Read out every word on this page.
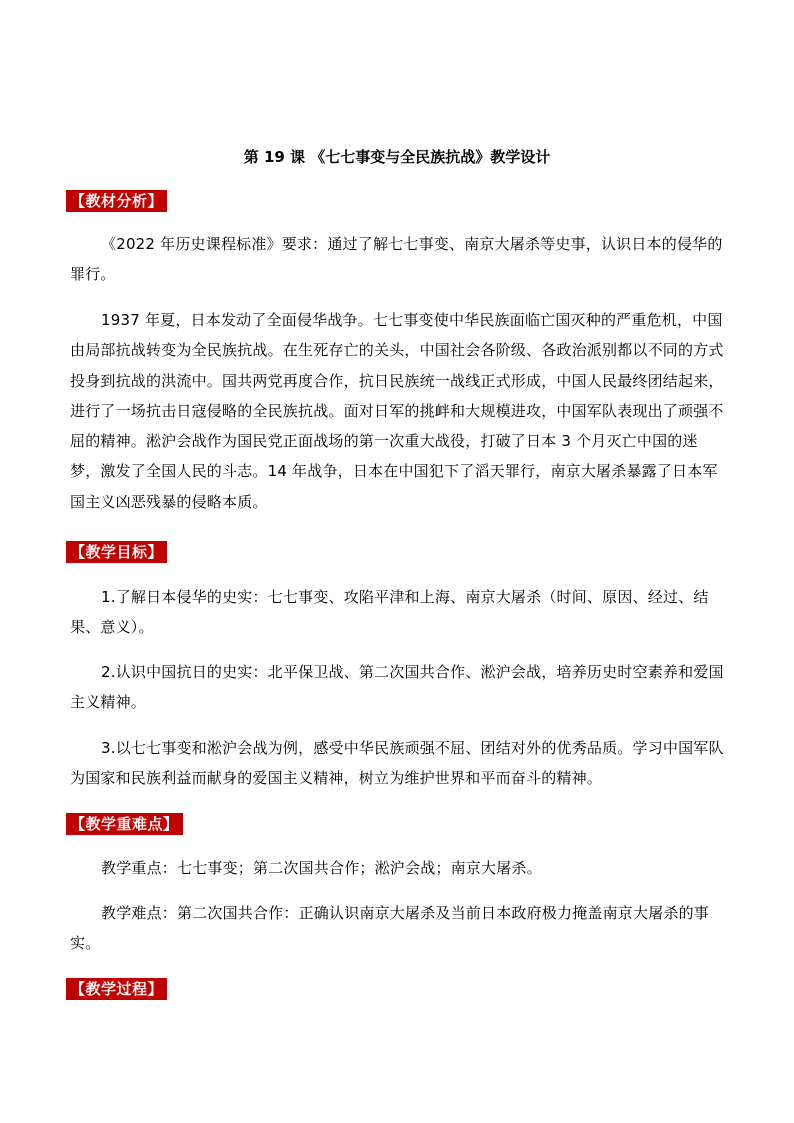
第 19 课 《七七事变与全民族抗战》教学设计
【教材分析】

《2022 年历史课程标准》要求：通过了解七七事变、南京大屠杀等史事，认识日本的侵华的罪行。

1937 年夏，日本发动了全面侵华战争。七七事变使中华民族面临亡国灭种的严重危机，中国由局部抗战转变为全民族抗战。在生死存亡的关头，中国社会各阶级、各政治派别都以不同的方式投身到抗战的洪流中。国共两党再度合作，抗日民族统一战线正式形成，中国人民最终团结起来，进行了一场抗击日寇侵略的全民族抗战。面对日军的挑衅和大规模进攻，中国军队表现出了顽强不屈的精神。淞沪会战作为国民党正面战场的第一次重大战役，打破了日本 3 个月灭亡中国的迷梦，激发了全国人民的斗志。14 年战争，日本在中国犯下了滔天罪行，南京大屠杀暴露了日本军国主义凶恶残暴的侵略本质。

【教学目标】

1.了解日本侵华的史实：七七事变、攻陷平津和上海、南京大屠杀（时间、原因、经过、结果、意义）。

2.认识中国抗日的史实：北平保卫战、第二次国共合作、淞沪会战，培养历史时空素养和爱国主义精神。

3.以七七事变和淞沪会战为例，感受中华民族顽强不屈、团结对外的优秀品质。学习中国军队为国家和民族利益而献身的爱国主义精神，树立为维护世界和平而奋斗的精神。

【教学重难点】

教学重点：七七事变；第二次国共合作；淞沪会战；南京大屠杀。

教学难点：第二次国共合作：正确认识南京大屠杀及当前日本政府极力掩盖南京大屠杀的事实。

【教学过程】
